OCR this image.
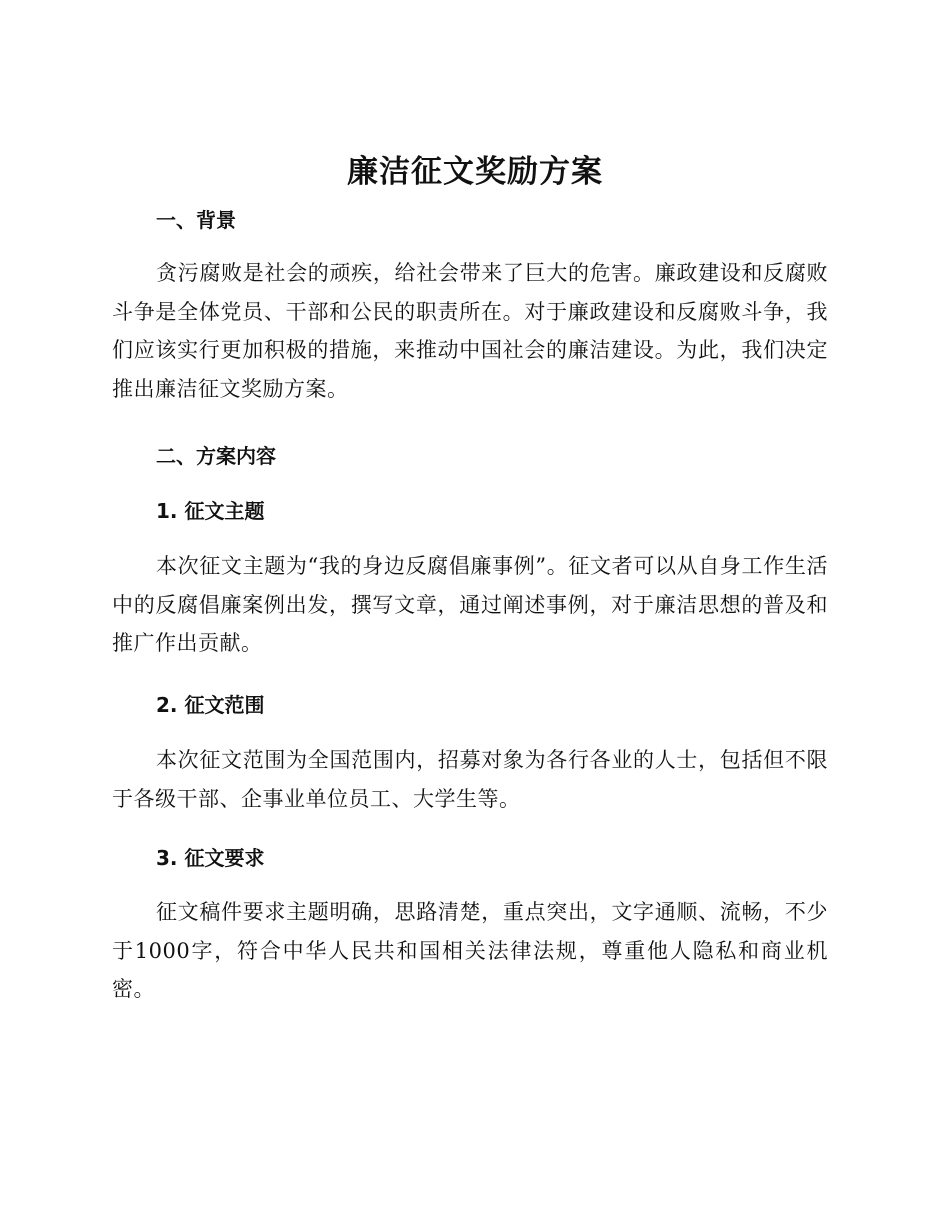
廉洁征文奖励方案
一、背景

贪污腐败是社会的顽疾，给社会带来了巨大的危害。廉政建设和反腐败斗争是全体党员、干部和公民的职责所在。对于廉政建设和反腐败斗争，我们应该实行更加积极的措施，来推动中国社会的廉洁建设。为此，我们决定推出廉洁征文奖励方案。

二、方案内容
1. 征文主题

本次征文主题为“我的身边反腐倡廉事例”。征文者可以从自身工作生活中的反腐倡廉案例出发，撰写文章，通过阐述事例，对于廉洁思想的普及和推广作出贡献。

2. 征文范围

本次征文范围为全国范围内，招募对象为各行各业的人士，包括但不限于各级干部、企事业单位员工、大学生等。

3. 征文要求

征文稿件要求主题明确，思路清楚，重点突出，文字通顺、流畅，不少于1000字，符合中华人民共和国相关法律法规，尊重他人隐私和商业机密。
